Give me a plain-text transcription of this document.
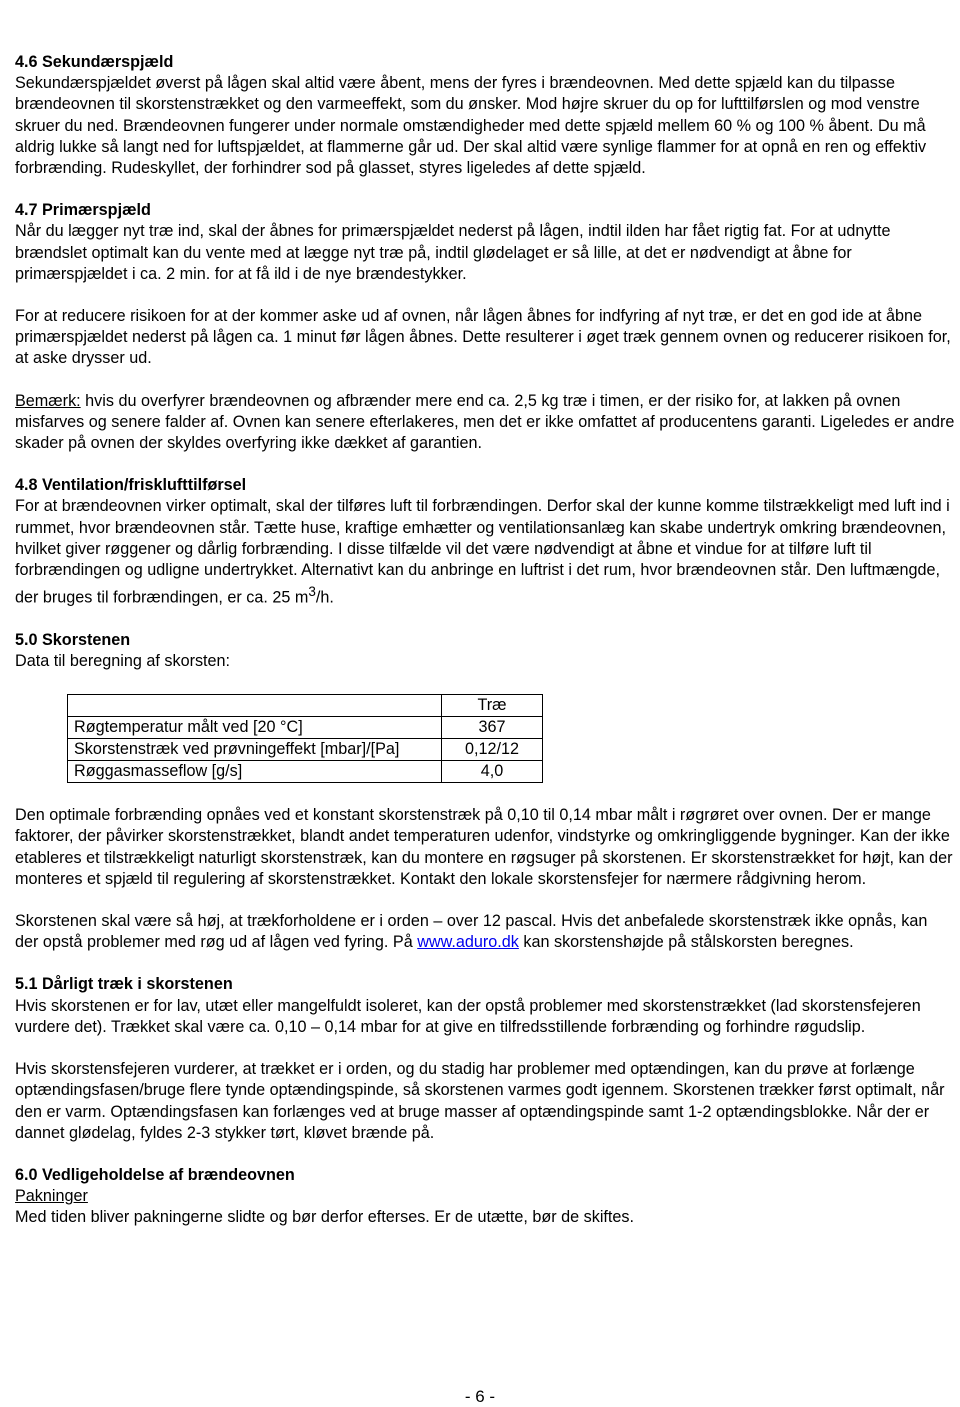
4.6 Sekundærspjæld

Sekundærspjældet øverst på lågen skal altid være åbent, mens der fyres i brændeovnen. Med dette spjæld kan du tilpasse brændeovnen til skorstenstrækket og den varmeeffekt, som du ønsker. Mod højre skruer du op for lufttilførslen og mod venstre skruer du ned. Brændeovnen fungerer under normale omstændigheder med dette spjæld mellem 60 % og 100 % åbent. Du må aldrig lukke så langt ned for luftspjældet, at flammerne går ud. Der skal altid være synlige flammer for at opnå en ren og effektiv forbrænding. Rudeskyllet, der forhindrer sod på glasset, styres ligeledes af dette spjæld.

4.7 Primærspjæld

Når du lægger nyt træ ind, skal der åbnes for primærspjældet nederst på lågen, indtil ilden har fået rigtig fat. For at udnytte brændslet optimalt kan du vente med at lægge nyt træ på, indtil glødelaget er så lille, at det er nødvendigt at åbne for primærspjældet i ca. 2 min. for at få ild i de nye brændestykker.

For at reducere risikoen for at der kommer aske ud af ovnen, når lågen åbnes for indfyring af nyt træ, er det en god ide at åbne primærspjældet nederst på lågen ca. 1 minut før lågen åbnes. Dette resulterer i øget træk gennem ovnen og reducerer risikoen for, at aske drysser ud.

Bemærk: hvis du overfyrer brændeovnen og afbrænder mere end ca. 2,5 kg træ i timen, er der risiko for, at lakken på ovnen misfarves og senere falder af. Ovnen kan senere efterlakeres, men det er ikke omfattet af producentens garanti. Ligeledes er andre skader på ovnen der skyldes overfyring ikke dækket af garantien.

4.8 Ventilation/frisklufttilførsel

For at brændeovnen virker optimalt, skal der tilføres luft til forbrændingen. Derfor skal der kunne komme tilstrækkeligt med luft ind i rummet, hvor brændeovnen står. Tætte huse, kraftige emhætter og ventilationsanlæg kan skabe undertryk omkring brændeovnen, hvilket giver røggener og dårlig forbrænding. I disse tilfælde vil det være nødvendigt at åbne et vindue for at tilføre luft til forbrændingen og udligne undertrykket. Alternativt kan du anbringe en luftrist i det rum, hvor brændeovnen står. Den luftmængde, der bruges til forbrændingen, er ca. 25 $m^3/h$.

5.0 Skorstenen

Data til beregning af skorsten:

	Træ
Røgtemperatur målt ved [20 °C]	367
Skorstenstræk ved prøvningeffekt [mbar]/[Pa]	0,12/12
Røggasmasseflow [g/s]	4,0

Den optimale forbrænding opnåes ved et konstant skorstenstræk på 0,10 til 0,14 mbar målt i røgrøret over ovnen. Der er mange faktorer, der påvirker skorstenstrækket, blandt andet temperaturen udenfor, vindstyrke og omkringliggende bygninger. Kan der ikke etableres et tilstrækkeligt naturligt skorstenstræk, kan du montere en røgsuger på skorstenen. Er skorstenstrækket for højt, kan der monteres et spjæld til regulering af skorstenstrækket. Kontakt den lokale skorstensfejer for nærmere rådgivning herom.

Skorstenen skal være så høj, at trækforholdene er i orden – over 12 pascal. Hvis det anbefalede skorstenstræk ikke opnås, kan der opstå problemer med røg ud af lågen ved fyring. På www.aduro.dk kan skorstenshøjde på stålskorsten beregnes.

5.1 Dårligt træk i skorstenen

Hvis skorstenen er for lav, utæt eller mangelfuldt isoleret, kan der opstå problemer med skorstenstrækket (lad skorstensfejeren vurdere det). Trækket skal være ca. 0,10 – 0,14 mbar for at give en tilfredsstillende forbrænding og forhindre røgudslip.

Hvis skorstensfejeren vurderer, at trækket er i orden, og du stadig har problemer med optændingen, kan du prøve at forlænge optændingsfasen/bruge flere tynde optændingspinde, så skorstenen varmes godt igennem. Skorstenen trækker først optimalt, når den er varm. Optændingsfasen kan forlænges ved at bruge masser af optændingspinde samt 1-2 optændingsblokke. Når der er dannet glødelag, fyldes 2-3 stykker tørt, kløvet brænde på.

6.0 Vedligeholdelse af brændeovnen

Pakninger

Med tiden bliver pakningerne slidte og bør derfor efterses. Er de utætte, bør de skiftes.

- 6 -
